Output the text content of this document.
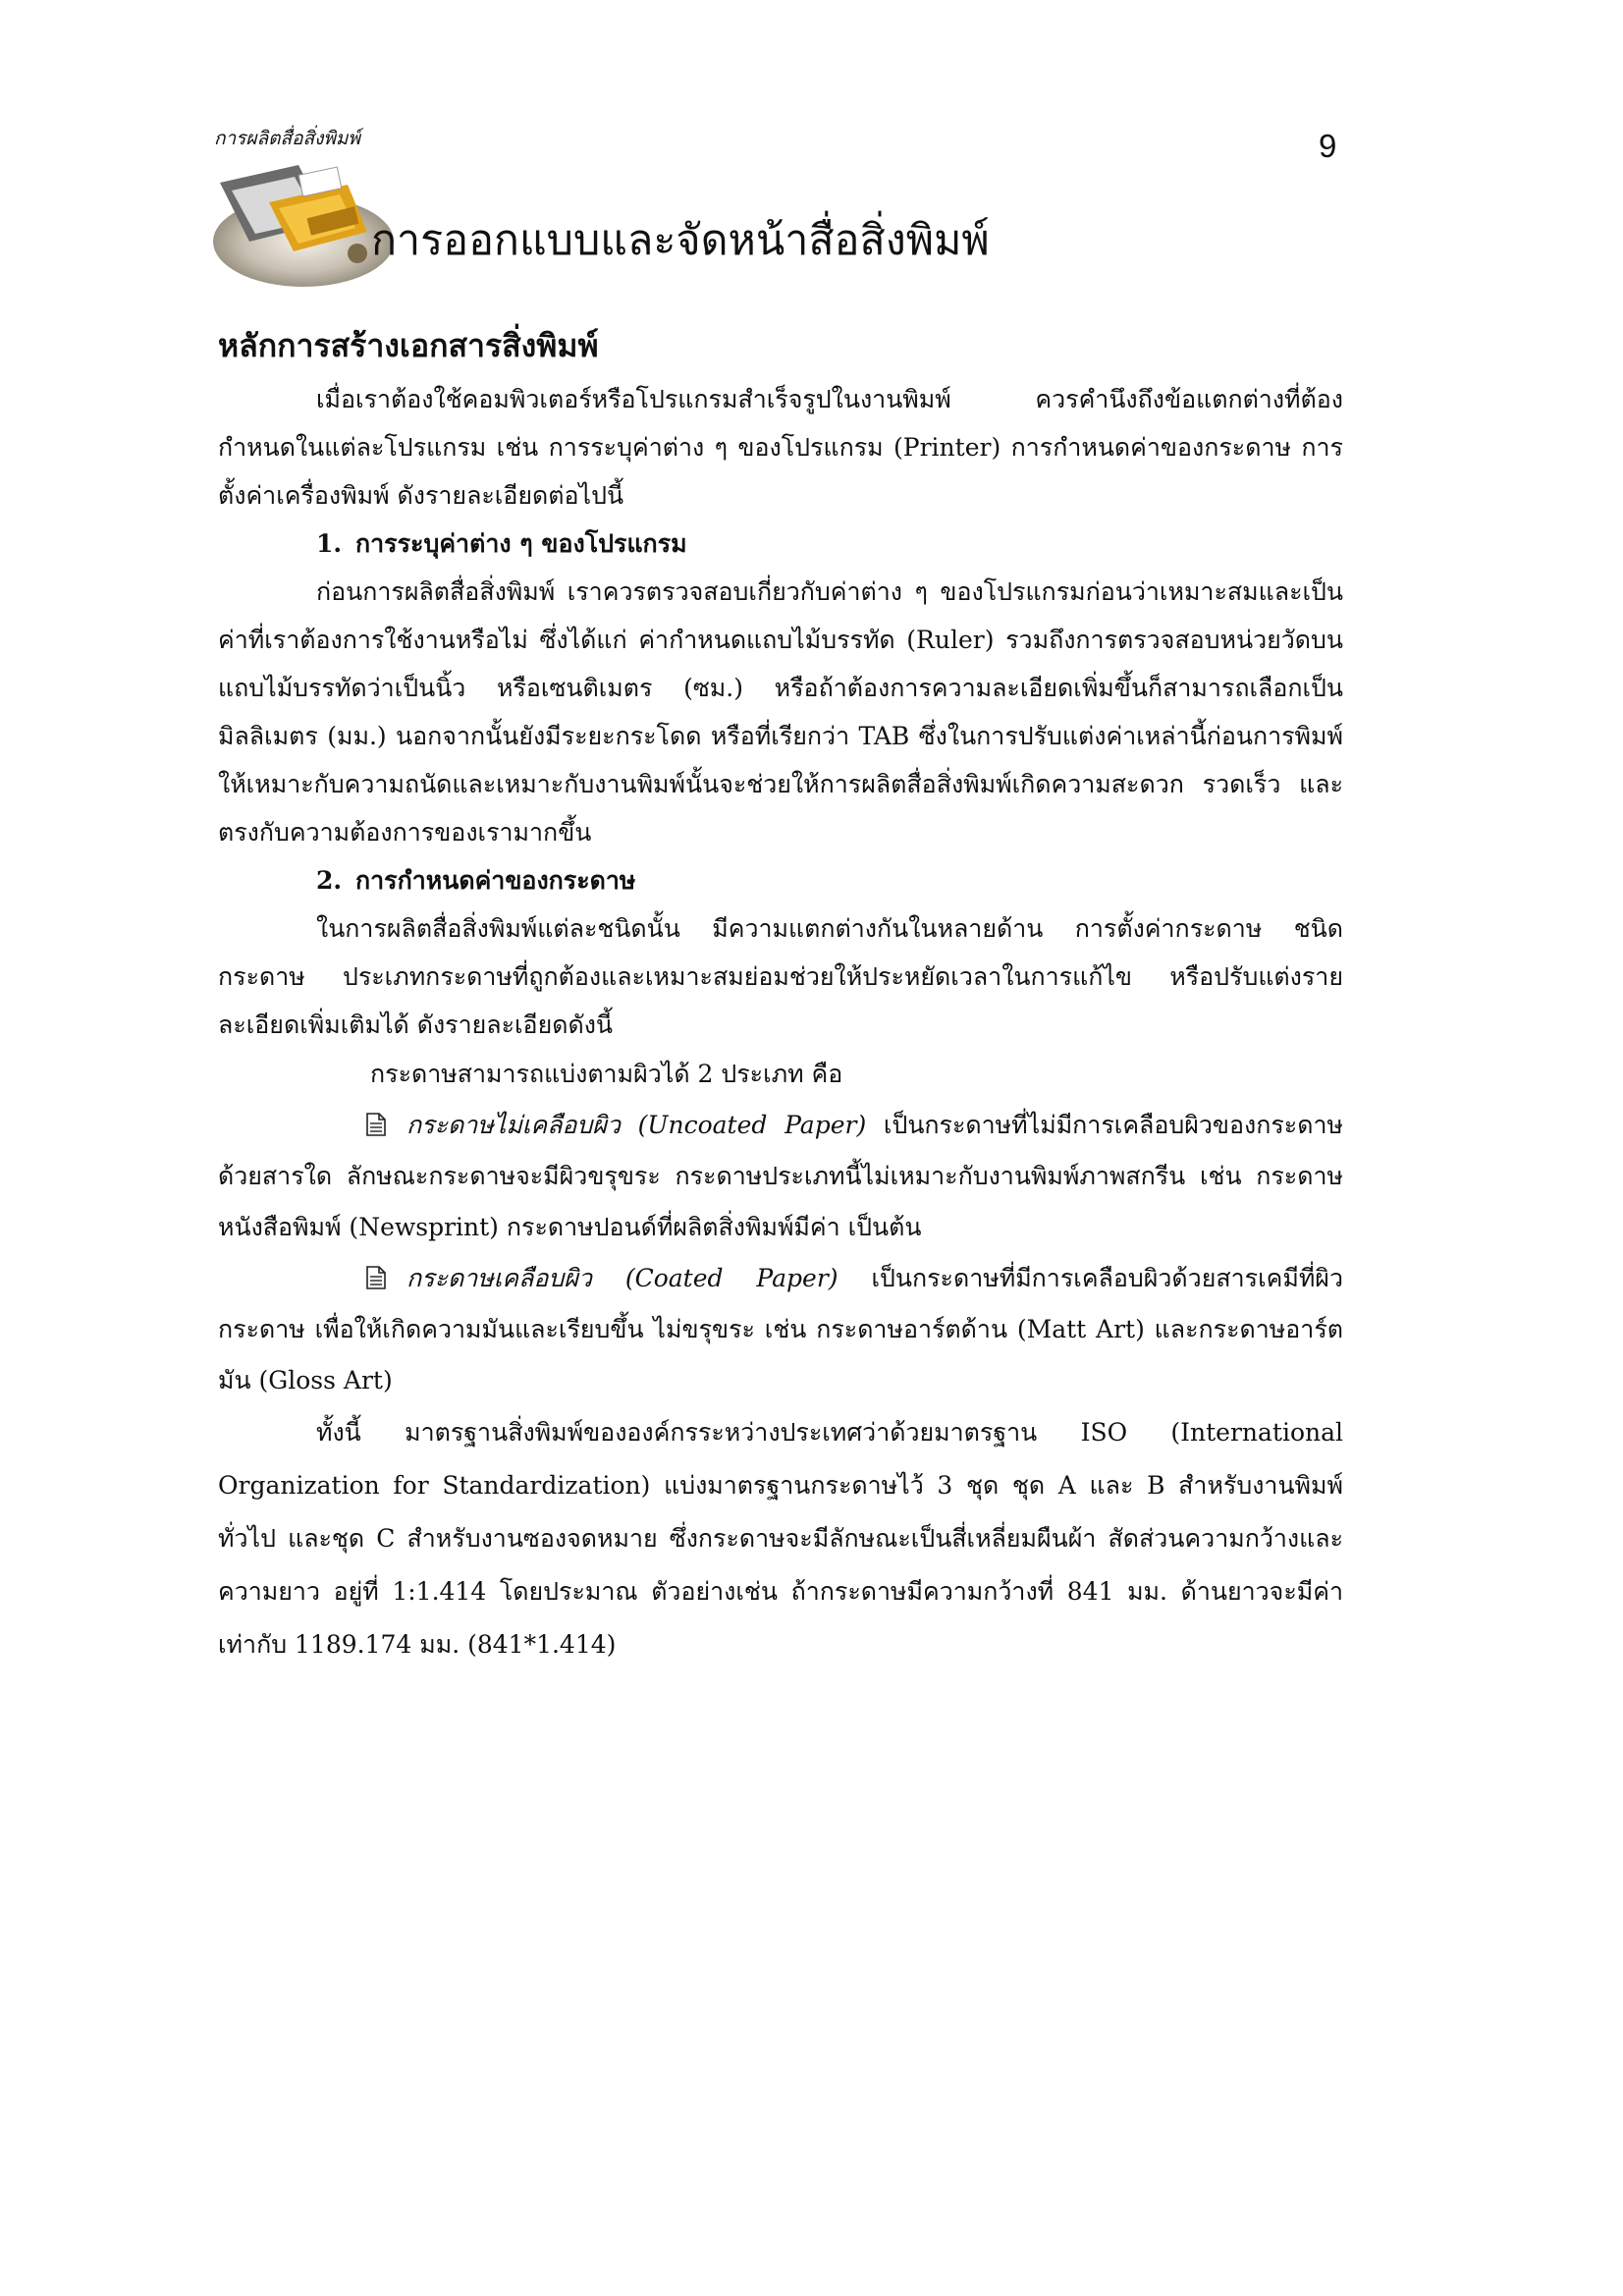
การผลิตสื่อสิ่งพิมพ์	9
การออกแบบและจัดหน้าสื่อสิ่งพิมพ์
หลักการสร้างเอกสารสิ่งพิมพ์

เมื่อเราต้องใช้คอมพิวเตอร์หรือโปรแกรมสำเร็จรูปในงานพิมพ์ ควรคำนึงถึงข้อแตกต่างที่ต้องกำหนดในแต่ละโปรแกรม เช่น การระบุค่าต่าง ๆ ของโปรแกรม (Printer) การกำหนดค่าของกระดาษ การตั้งค่าเครื่องพิมพ์ ดังรายละเอียดต่อไปนี้

1. การระบุค่าต่าง ๆ ของโปรแกรม

ก่อนการผลิตสื่อสิ่งพิมพ์ เราควรตรวจสอบเกี่ยวกับค่าต่าง ๆ ของโปรแกรมก่อนว่าเหมาะสมและเป็นค่าที่เราต้องการใช้งานหรือไม่ ซึ่งได้แก่ ค่ากำหนดแถบไม้บรรทัด (Ruler) รวมถึงการตรวจสอบหน่วยวัดบนแถบไม้บรรทัดว่าเป็นนิ้ว หรือเซนติเมตร (ซม.) หรือถ้าต้องการความละเอียดเพิ่มขึ้นก็สามารถเลือกเป็นมิลลิเมตร (มม.) นอกจากนั้นยังมีระยะกระโดด หรือที่เรียกว่า TAB ซึ่งในการปรับแต่งค่าเหล่านี้ก่อนการพิมพ์ให้เหมาะกับความถนัดและเหมาะกับงานพิมพ์นั้นจะช่วยให้การผลิตสื่อสิ่งพิมพ์เกิดความสะดวก รวดเร็ว และตรงกับความต้องการของเรามากขึ้น

2. การกำหนดค่าของกระดาษ

ในการผลิตสื่อสิ่งพิมพ์แต่ละชนิดนั้น มีความแตกต่างกันในหลายด้าน การตั้งค่ากระดาษ ชนิดกระดาษ ประเภทกระดาษที่ถูกต้องและเหมาะสมย่อมช่วยให้ประหยัดเวลาในการแก้ไข หรือปรับแต่งรายละเอียดเพิ่มเติมได้ ดังรายละเอียดดังนี้

กระดาษสามารถแบ่งตามผิวได้ 2 ประเภท คือ

กระดาษไม่เคลือบผิว (Uncoated Paper) เป็นกระดาษที่ไม่มีการเคลือบผิวของกระดาษด้วยสารใด ลักษณะกระดาษจะมีผิวขรุขระ กระดาษประเภทนี้ไม่เหมาะกับงานพิมพ์ภาพสกรีน เช่น กระดาษหนังสือพิมพ์ (Newsprint) กระดาษปอนด์ที่ผลิตสิ่งพิมพ์มีค่า เป็นต้น

กระดาษเคลือบผิว (Coated Paper) เป็นกระดาษที่มีการเคลือบผิวด้วยสารเคมีที่ผิวกระดาษ เพื่อให้เกิดความมันและเรียบขึ้น ไม่ขรุขระ เช่น กระดาษอาร์ตด้าน (Matt Art) และกระดาษอาร์ตมัน (Gloss Art)

ทั้งนี้ มาตรฐานสิ่งพิมพ์ขององค์กรระหว่างประเทศว่าด้วยมาตรฐาน ISO (International Organization for Standardization) แบ่งมาตรฐานกระดาษไว้ 3 ชุด ชุด A และ B สำหรับงานพิมพ์ทั่วไป และชุด C สำหรับงานซองจดหมาย ซึ่งกระดาษจะมีลักษณะเป็นสี่เหลี่ยมผืนผ้า สัดส่วนความกว้างและความยาว อยู่ที่ 1:1.414 โดยประมาณ ตัวอย่างเช่น ถ้ากระดาษมีความกว้างที่ 841 มม. ด้านยาวจะมีค่าเท่ากับ 1189.174 มม. (841*1.414)
